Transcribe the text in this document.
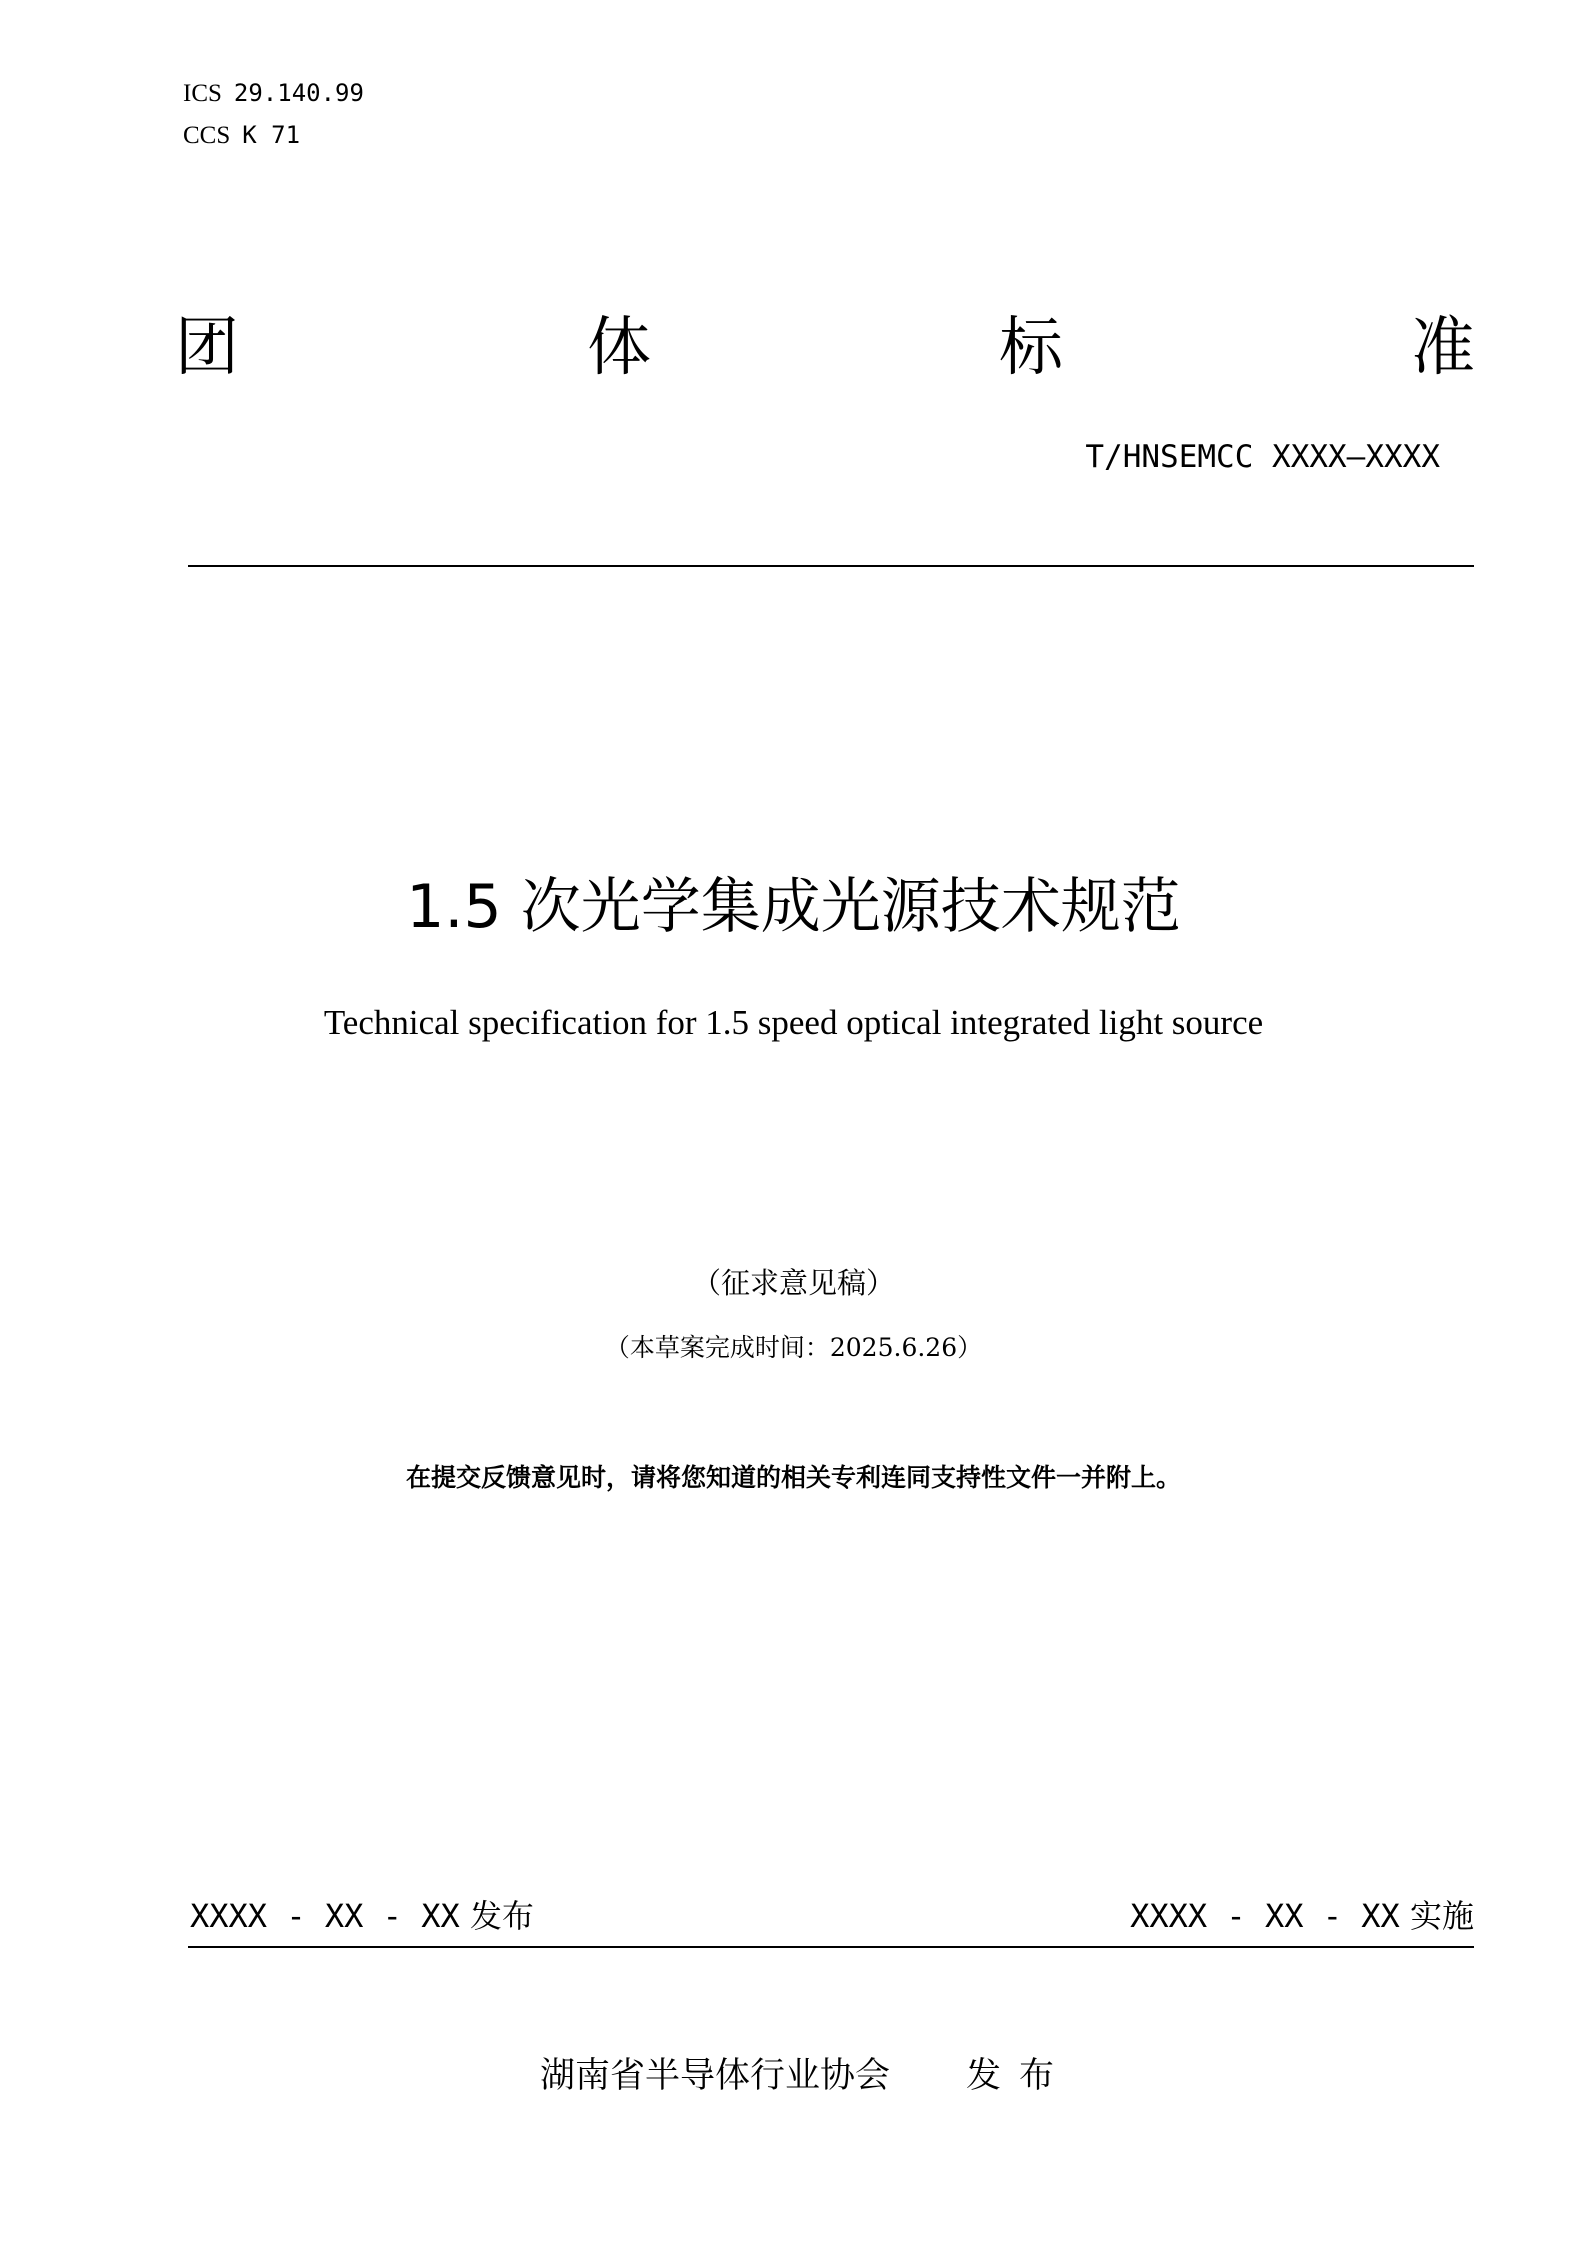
ICS 29.140.99
CCS K 71
团	体	标	准
T/HNSEMCC XXXX—XXXX
1.5 次光学集成光源技术规范
Technical specification for 1.5 speed optical integrated light source
（征求意见稿）
（本草案完成时间：2025.6.26）
在提交反馈意见时，请将您知道的相关专利连同支持性文件一并附上。
XXXX - XX - XX 发布	XXXX - XX - XX 实施
湖南省半导体行业协会 发布
